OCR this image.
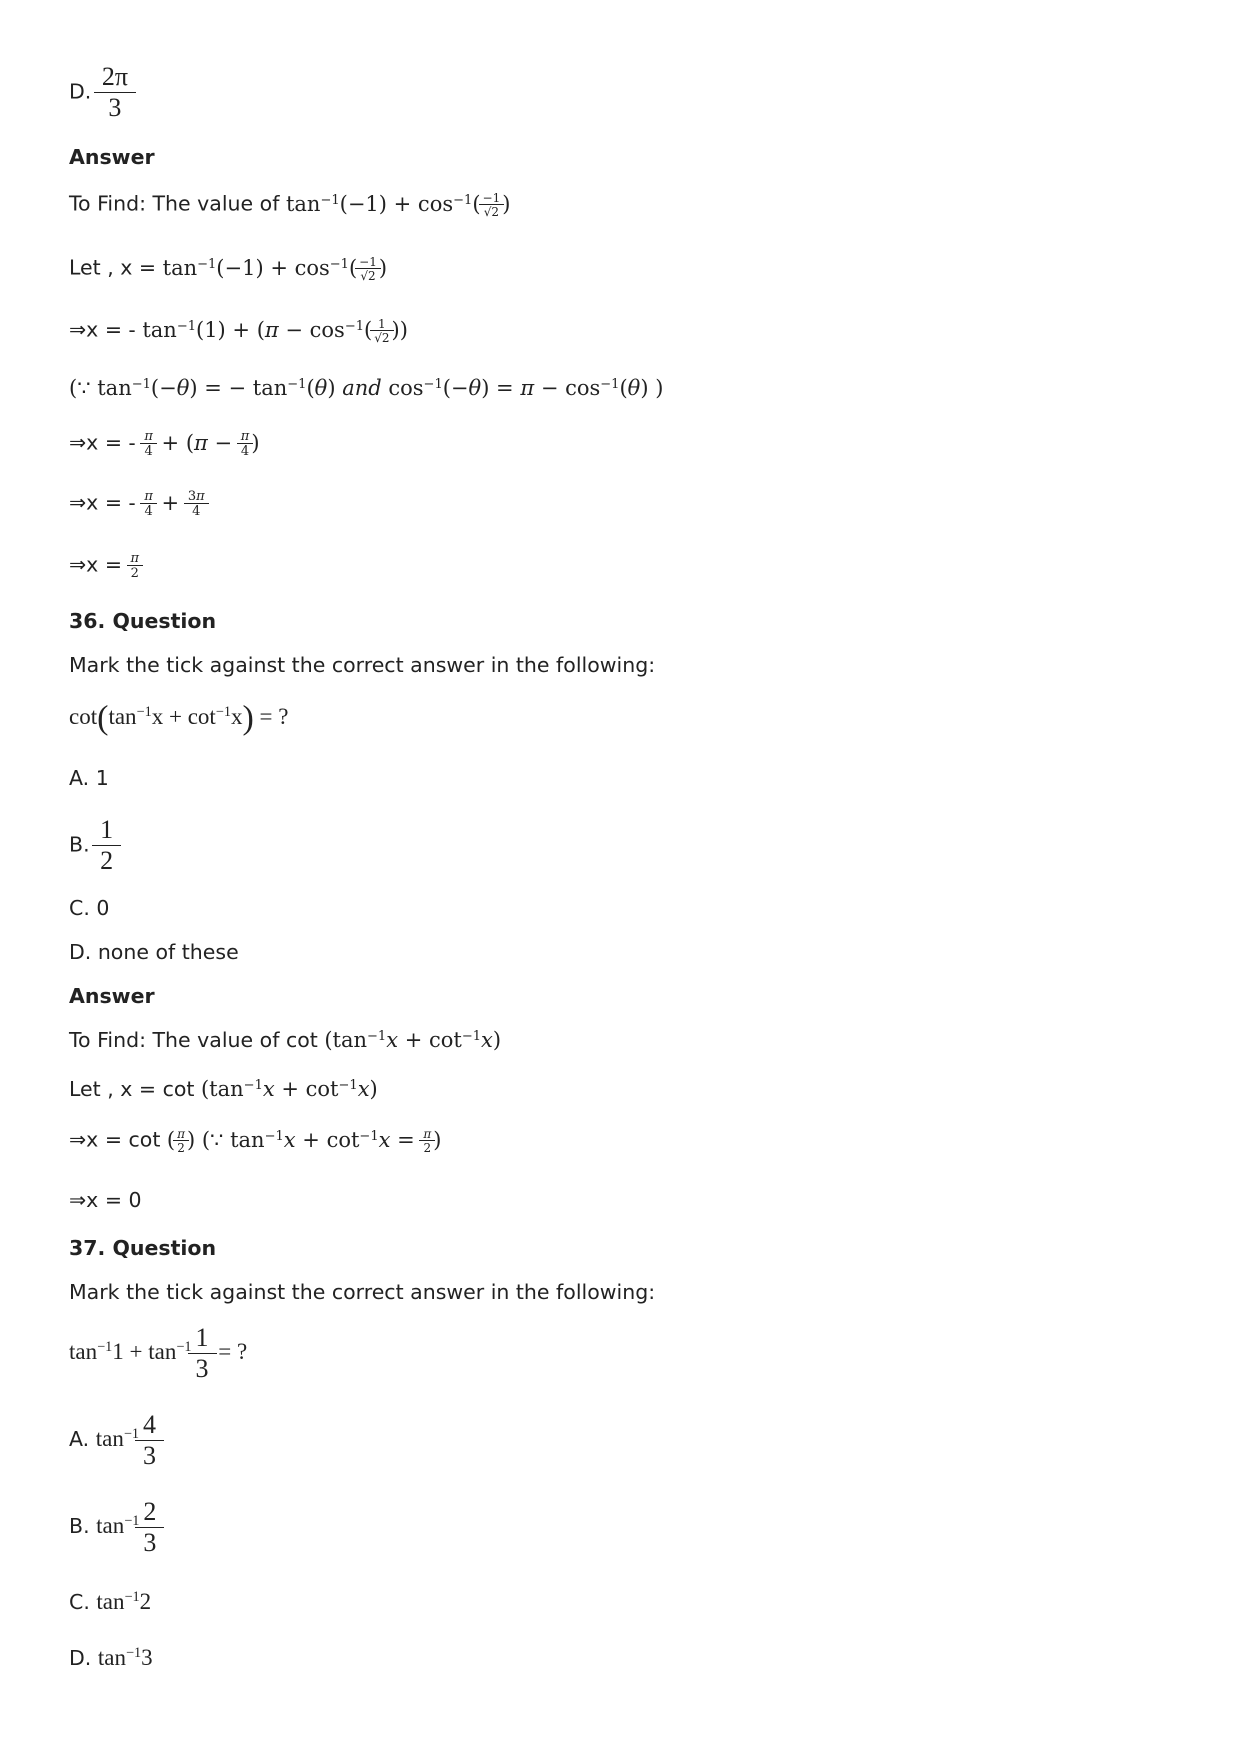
D. $\frac{2\pi}{3}$
Answer
To Find: The value of $\tan^{-1}(-1) + \cos^{-1}( \frac{-1}{√2}$ )
Let , $x = \tan^{-1}(-1) + \cos^{-1}( \frac{-1}{√2}$ )
⇒x = - $\tan^{-1}(1) + (\pi - \cos^{-1}( \frac{1}{√2}$ ))
(∵ $\tan^{-1}(-\theta)$ = − $\tan^{-1}(\theta)$ and $\cos^{-1}(-\theta) = \pi - \cos^{-1}(\theta)$ )
⇒x = - $\frac{\pi}{4} + (\pi - \frac{\pi}{4}$ )
⇒x = - $\frac{\pi}{4} + \frac{3\pi}{4}$
⇒x = $\frac{\pi}{2}$
36. Question
Mark the tick against the correct answer in the following:
$\cot(\tan^{-1}x + \cot^{-1}x)$ = ?
A. 1
B. $\frac{1}{2}$
C. 0
D. none of these
Answer
To Find: The value of $\cot (\tan^{-1}x + \cot^{-1}x)$
Let , $x = \cot (\tan^{-1}x + \cot^{-1}x)$
⇒x = cot ( $\frac{\pi}{2}$ ) (∵ $\tan^{-1}x + \cot^{-1}x = \frac{\pi}{2}$ )
⇒x = 0
37. Question
Mark the tick against the correct answer in the following:
$\tan^{-1}1 + \tan^{-1} \frac{1}{3}$ = ?
A. $\tan^{-1} \frac{4}{3}$
B. $\tan^{-1} \frac{2}{3}$
C. $\tan^{-1}2$
D. $\tan^{-1}3$
